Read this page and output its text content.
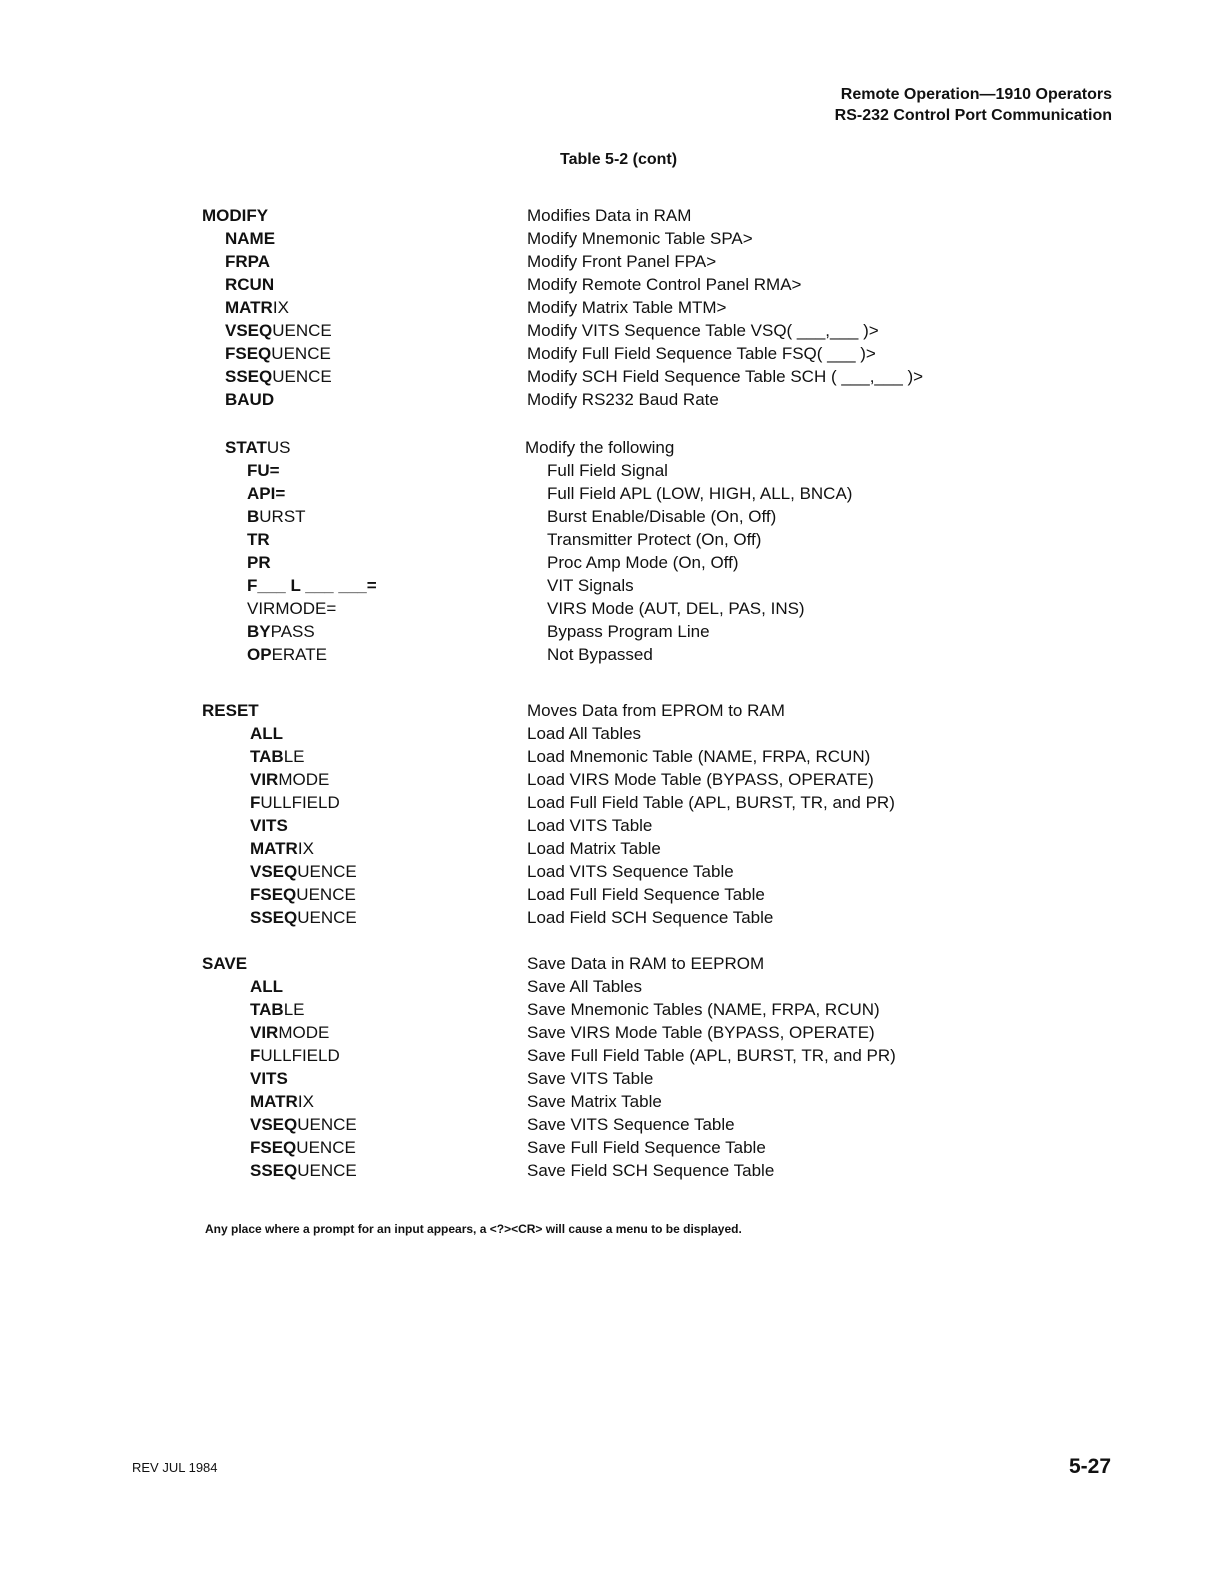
Remote Operation—1910 Operators
RS-232 Control Port Communication
Table 5-2 (cont)
MODIFY	Modifies Data in RAM
NAME	Modify Mnemonic Table SPA>
FRPA	Modify Front Panel FPA>
RCUN	Modify Remote Control Panel RMA>
MATRIX	Modify Matrix Table MTM>
VSEQUENCE	Modify VITS Sequence Table VSQ( ___,___ )>
FSEQUENCE	Modify Full Field Sequence Table FSQ( ___ )>
SSEQUENCE	Modify SCH Field Sequence Table SCH ( ___,___ )>
BAUD	Modify RS232 Baud Rate
STATUS	Modify the following
FU=	Full Field Signal
API=	Full Field APL (LOW, HIGH, ALL, BNCA)
BURST	Burst Enable/Disable (On, Off)
TR	Transmitter Protect (On, Off)
PR	Proc Amp Mode (On, Off)
F___ L ___ ___=	VIT Signals
VIRMODE=	VIRS Mode (AUT, DEL, PAS, INS)
BYPASS	Bypass Program Line
OPERATE	Not Bypassed
RESET	Moves Data from EPROM to RAM
ALL	Load All Tables
TABLE	Load Mnemonic Table (NAME, FRPA, RCUN)
VIRMODE	Load VIRS Mode Table (BYPASS, OPERATE)
FULLFIELD	Load Full Field Table (APL, BURST, TR, and PR)
VITS	Load VITS Table
MATRIX	Load Matrix Table
VSEQUENCE	Load VITS Sequence Table
FSEQUENCE	Load Full Field Sequence Table
SSEQUENCE	Load Field SCH Sequence Table
SAVE	Save Data in RAM to EEPROM
ALL	Save All Tables
TABLE	Save Mnemonic Tables (NAME, FRPA, RCUN)
VIRMODE	Save VIRS Mode Table (BYPASS, OPERATE)
FULLFIELD	Save Full Field Table (APL, BURST, TR, and PR)
VITS	Save VITS Table
MATRIX	Save Matrix Table
VSEQUENCE	Save VITS Sequence Table
FSEQUENCE	Save Full Field Sequence Table
SSEQUENCE	Save Field SCH Sequence Table
Any place where a prompt for an input appears, a <?><CR> will cause a menu to be displayed.
REV JUL 1984	5-27
